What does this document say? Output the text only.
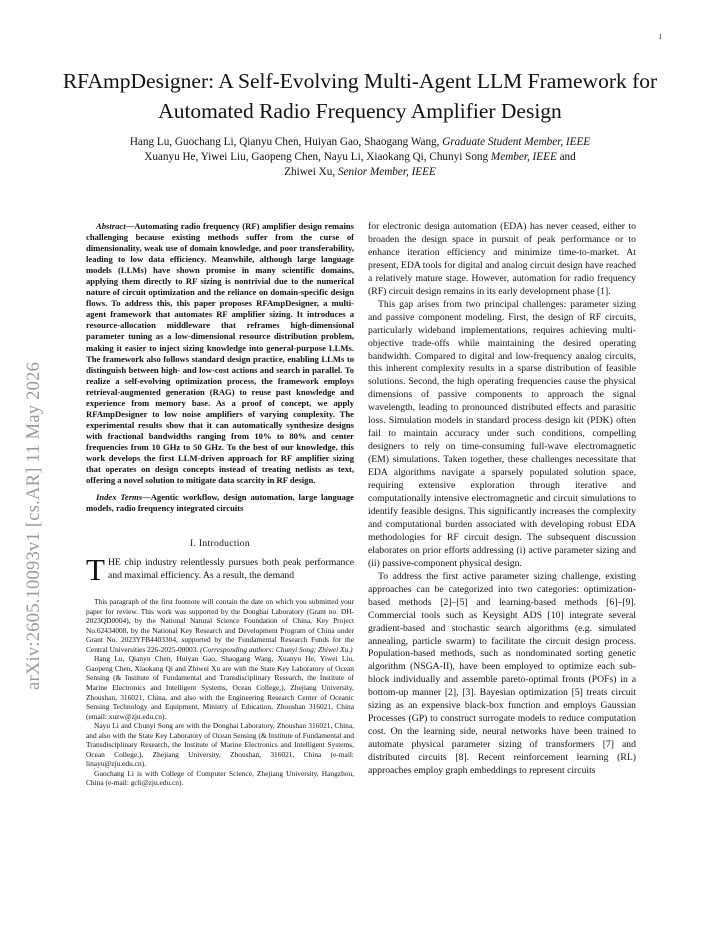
1
arXiv:2605.10093v1 [cs.AR] 11 May 2026
RFAmpDesigner: A Self-Evolving Multi-Agent LLM Framework for Automated Radio Frequency Amplifier Design
Hang Lu, Guochang Li, Qianyu Chen, Huiyan Gao, Shaogang Wang, Graduate Student Member, IEEE
Xuanyu He, Yiwei Liu, Gaopeng Chen, Nayu Li, Xiaokang Qi, Chunyi Song Member, IEEE and
Zhiwei Xu, Senior Member, IEEE

Abstract—Automating radio frequency (RF) amplifier design remains challenging because existing methods suffer from the curse of dimensionality, weak use of domain knowledge, and poor transferability, leading to low data efficiency. Meanwhile, although large language models (LLMs) have shown promise in many scientific domains, applying them directly to RF sizing is nontrivial due to the numerical nature of circuit optimization and the reliance on domain-specific design flows. To address this, this paper proposes RFAmpDesigner, a multi-agent framework that automates RF amplifier sizing. It introduces a resource-allocation middleware that reframes high-dimensional parameter tuning as a low-dimensional resource distribution problem, making it easier to inject sizing knowledge into general-purpose LLMs. The framework also follows standard design practice, enabling LLMs to distinguish between high- and low-cost actions and search in parallel. To realize a self-evolving optimization process, the framework employs retrieval-augmented generation (RAG) to reuse past knowledge and experience from memory base. As a proof of concept, we apply RFAmpDesigner to low noise amplifiers of varying complexity. The experimental results show that it can automatically synthesize designs with fractional bandwidths ranging from 10% to 80% and center frequencies from 10 GHz to 50 GHz. To the best of our knowledge, this work develops the first LLM-driven approach for RF amplifier sizing that operates on design concepts instead of treating netlists as text, offering a novel solution to mitigate data scarcity in RF design.

Index Terms—Agentic workflow, design automation, large language models, radio frequency integrated circuits

I. Introduction

THE chip industry relentlessly pursues both peak performance and maximal efficiency. As a result, the demand

This paragraph of the first footnote will contain the date on which you submitted your paper for review. This work was supported by the Donghai Laboratory (Grant no. DH-2023QD0004), by the National Natural Science Foundation of China, Key Project No.62434008, by the National Key Research and Development Program of China under Grant No. 2023YFB4403304, supported by the Fundamental Research Funds for the Central Universities 226-2025-00003. (Corresponding authors: Chunyi Song; Zhiwei Xu.)

Hang Lu, Qianyu Chen, Huiyan Gao, Shaogang Wang, Xuanyu He, Yiwei Liu, Gaopeng Chen, Xiaokang Qi and Zhiwei Xu are with the State Key Laboratory of Ocean Sensing (& Institute of Fundamental and Transdisciplinary Research, the Institute of Marine Electronics and Intelligent Systems, Ocean College,), Zhejiang University, Zhoushan, 316021, China, and also with the Engineering Research Center of Oceanic Sensing Technology and Equipment, Ministry of Education, Zhoushan 316021, China (email: xuzw@zju.edu.cn).

Nayu Li and Chunyi Song are with the Donghai Laboratory, Zhoushan 316021, China, and also with the State Key Laboratory of Ocean Sensing (& Institute of Fundamental and Transdisciplinary Research, the Institute of Marine Electronics and Intelligent Systems, Ocean College,), Zhejiang University, Zhoushan, 316021, China (e-mail: linayu@zju.edu.cn).

Guochang Li is with College of Computer Science, Zhejiang University, Hangzhou, China (e-mail: gcli@zju.edu.cn).

for electronic design automation (EDA) has never ceased, either to broaden the design space in pursuit of peak performance or to enhance iteration efficiency and minimize time-to-market. At present, EDA tools for digital and analog circuit design have reached a relatively mature stage. However, automation for radio frequency (RF) circuit design remains in its early development phase [1].

This gap arises from two principal challenges: parameter sizing and passive component modeling. First, the design of RF circuits, particularly wideband implementations, requires achieving multi-objective trade-offs while maintaining the desired operating bandwidth. Compared to digital and low-frequency analog circuits, this inherent complexity results in a sparse distribution of feasible solutions. Second, the high operating frequencies cause the physical dimensions of passive components to approach the signal wavelength, leading to pronounced distributed effects and parasitic loss. Simulation models in standard process design kit (PDK) often fail to maintain accuracy under such conditions, compelling designers to rely on time-consuming full-wave electromagnetic (EM) simulations. Taken together, these challenges necessitate that EDA algorithms navigate a sparsely populated solution space, requiring extensive exploration through iterative and computationally intensive electromagnetic and circuit simulations to identify feasible designs. This significantly increases the complexity and computational burden associated with developing robust EDA methodologies for RF circuit design. The subsequent discussion elaborates on prior efforts addressing (i) active parameter sizing and (ii) passive-component physical design.

To address the first active parameter sizing challenge, existing approaches can be categorized into two categories: optimization-based methods [2]–[5] and learning-based methods [6]–[9]. Commercial tools such as Keysight ADS [10] integrate several gradient-based and stochastic search algorithms (e.g. simulated annealing, particle swarm) to facilitate the circuit design process. Population-based methods, such as nondominated sorting genetic algorithm (NSGA-II), have been employed to optimize each sub-block individually and assemble pareto-optimal fronts (POFs) in a bottom-up manner [2], [3]. Bayesian optimization [5] treats circuit sizing as an expensive black-box function and employs Gaussian Processes (GP) to construct surrogate models to reduce computation cost. On the learning side, neural networks have been trained to automate physical parameter sizing of transformers [7] and distributed circuits [8]. Recent reinforcement learning (RL) approaches employ graph embeddings to represent circuits
